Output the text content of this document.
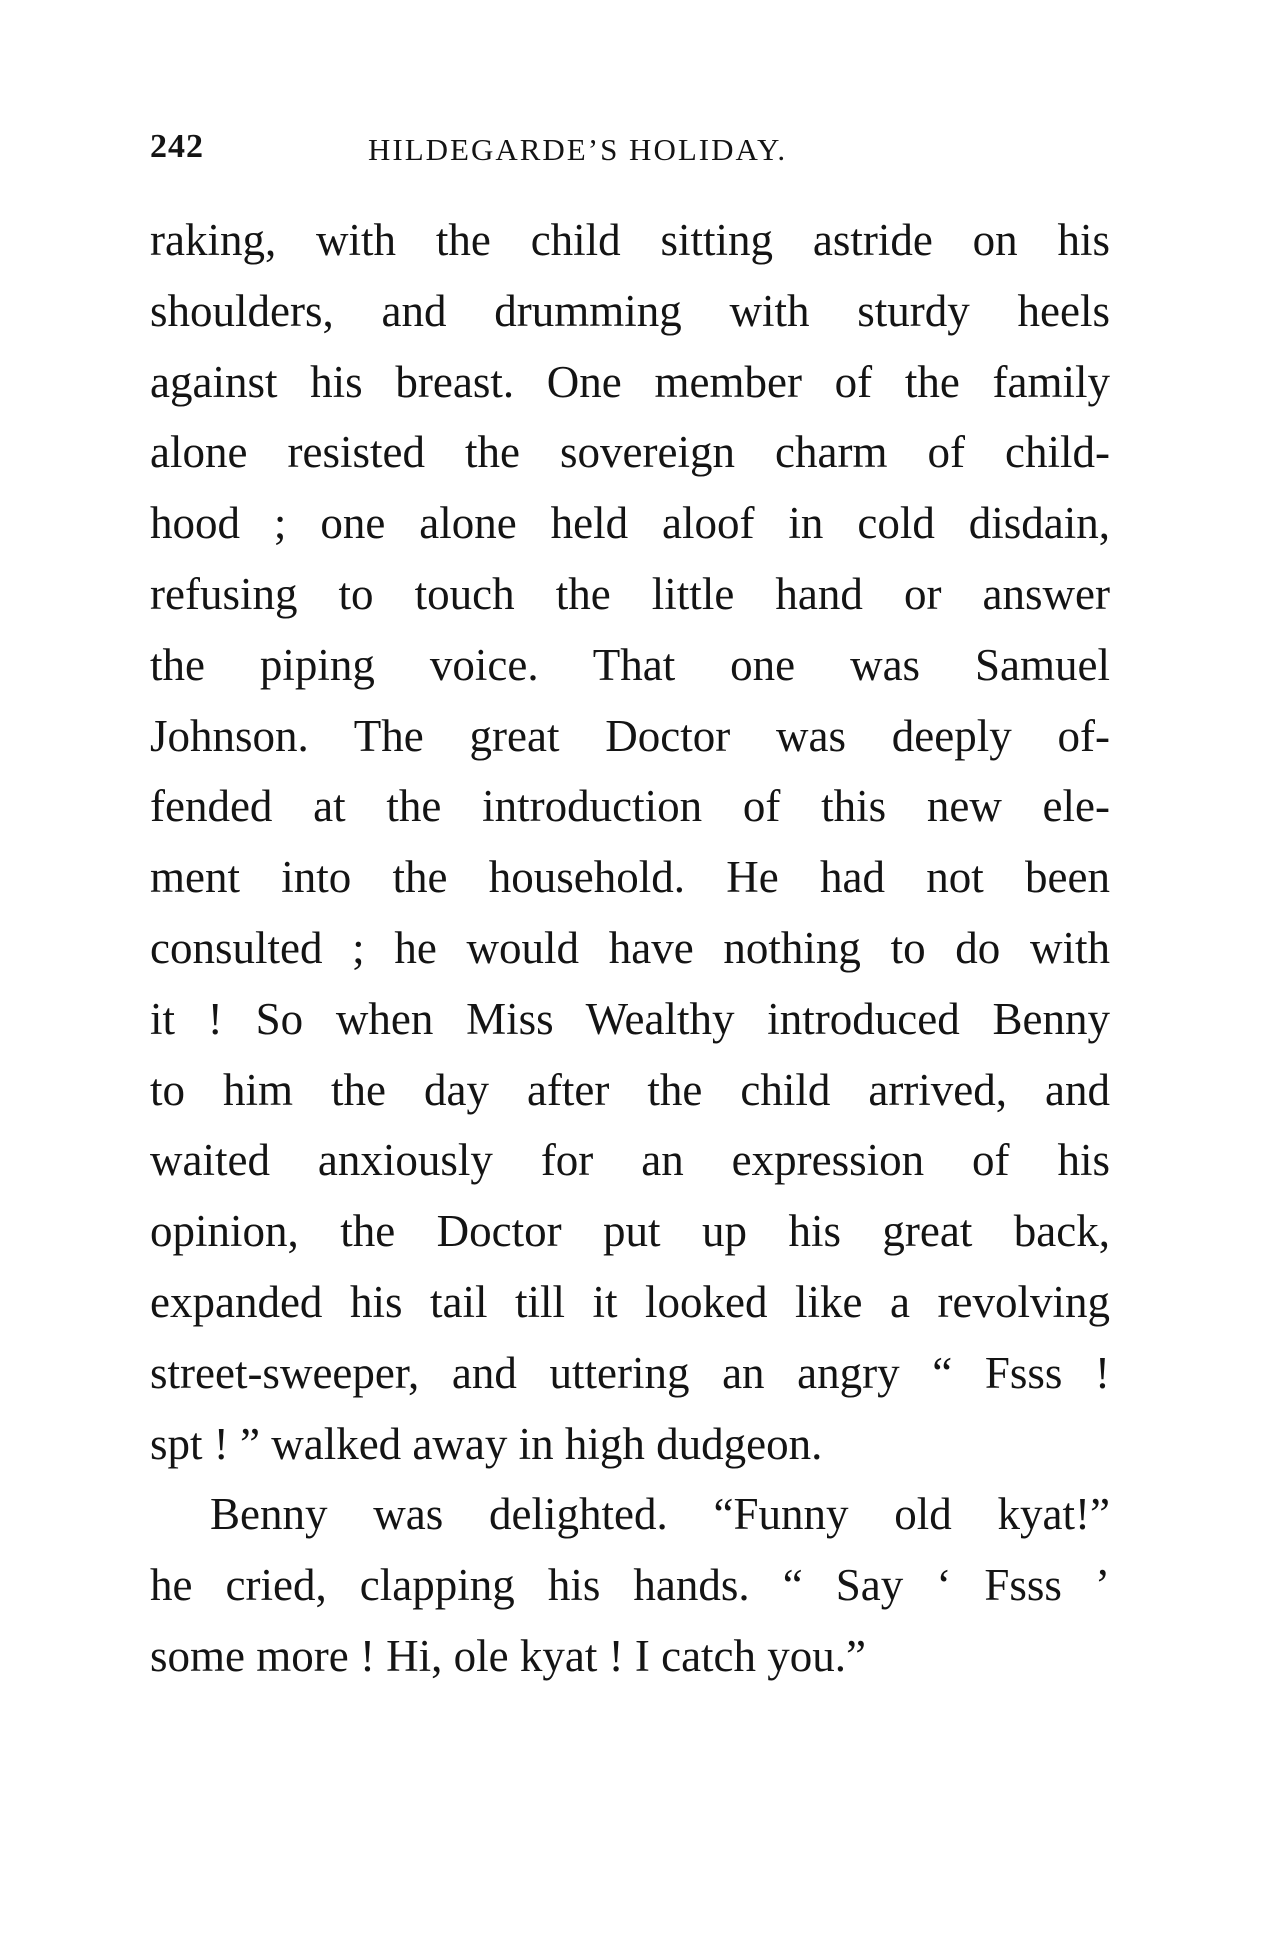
242	HILDEGARDE’S HOLIDAY.
raking, with the child sitting astride on his
shoulders, and drumming with sturdy heels
against his breast. One member of the family
alone resisted the sovereign charm of child-
hood ; one alone held aloof in cold disdain,
refusing to touch the little hand or answer
the piping voice. That one was Samuel
Johnson. The great Doctor was deeply of-
fended at the introduction of this new ele-
ment into the household. He had not been
consulted ; he would have nothing to do with
it ! So when Miss Wealthy introduced Benny
to him the day after the child arrived, and
waited anxiously for an expression of his
opinion, the Doctor put up his great back,
expanded his tail till it looked like a revolving
street-sweeper, and uttering an angry “ Fsss !
spt ! ” walked away in high dudgeon.
Benny was delighted. “Funny old kyat!”
he cried, clapping his hands. “ Say ‘ Fsss ’
some more ! Hi, ole kyat ! I catch you.”
